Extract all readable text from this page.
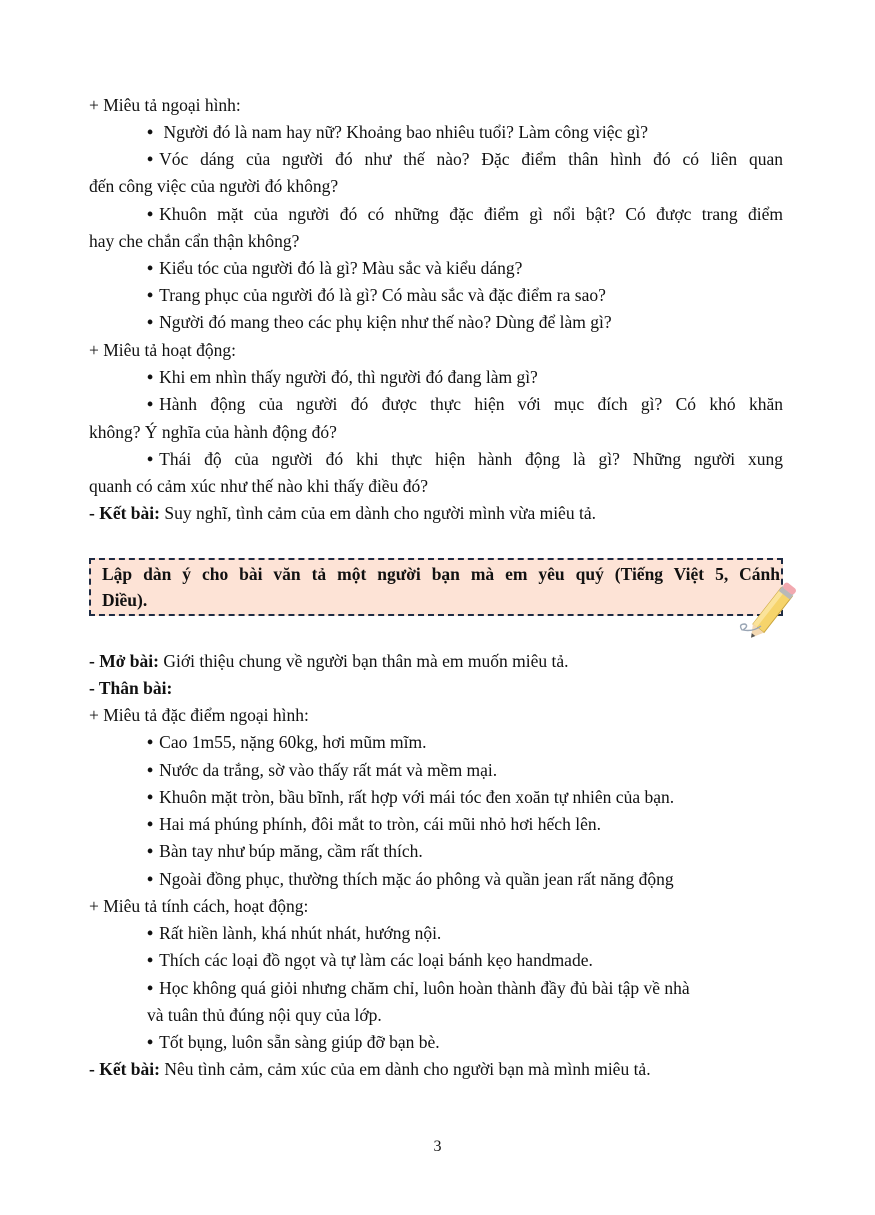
+ Miêu tả ngoại hình:
• Người đó là nam hay nữ? Khoảng bao nhiêu tuổi? Làm công việc gì?
• Vóc dáng của người đó như thế nào? Đặc điểm thân hình đó có liên quan
đến công việc của người đó không?
• Khuôn mặt của người đó có những đặc điểm gì nổi bật? Có được trang điểm
hay che chắn cẩn thận không?
• Kiểu tóc của người đó là gì? Màu sắc và kiểu dáng?
• Trang phục của người đó là gì? Có màu sắc và đặc điểm ra sao?
• Người đó mang theo các phụ kiện như thế nào? Dùng để làm gì?
+ Miêu tả hoạt động:
• Khi em nhìn thấy người đó, thì người đó đang làm gì?
• Hành động của người đó được thực hiện với mục đích gì? Có khó khăn
không? Ý nghĩa của hành động đó?
• Thái độ của người đó khi thực hiện hành động là gì? Những người xung
quanh có cảm xúc như thế nào khi thấy điều đó?
- Kết bài: Suy nghĩ, tình cảm của em dành cho người mình vừa miêu tả.
Lập dàn ý cho bài văn tả một người bạn mà em yêu quý (Tiếng Việt 5, Cánh
Diều).
- Mở bài: Giới thiệu chung về người bạn thân mà em muốn miêu tả.
- Thân bài:
+ Miêu tả đặc điểm ngoại hình:
• Cao 1m55, nặng 60kg, hơi mũm mĩm.
• Nước da trắng, sờ vào thấy rất mát và mềm mại.
• Khuôn mặt tròn, bầu bĩnh, rất hợp với mái tóc đen xoăn tự nhiên của bạn.
• Hai má phúng phính, đôi mắt to tròn, cái mũi nhỏ hơi hếch lên.
• Bàn tay như búp măng, cầm rất thích.
• Ngoài đồng phục, thường thích mặc áo phông và quần jean rất năng động
+ Miêu tả tính cách, hoạt động:
• Rất hiền lành, khá nhút nhát, hướng nội.
• Thích các loại đồ ngọt và tự làm các loại bánh kẹo handmade.
• Học không quá giỏi nhưng chăm chỉ, luôn hoàn thành đầy đủ bài tập về nhà
và tuân thủ đúng nội quy của lớp.
• Tốt bụng, luôn sẵn sàng giúp đỡ bạn bè.
- Kết bài: Nêu tình cảm, cảm xúc của em dành cho người bạn mà mình miêu tả.
3
